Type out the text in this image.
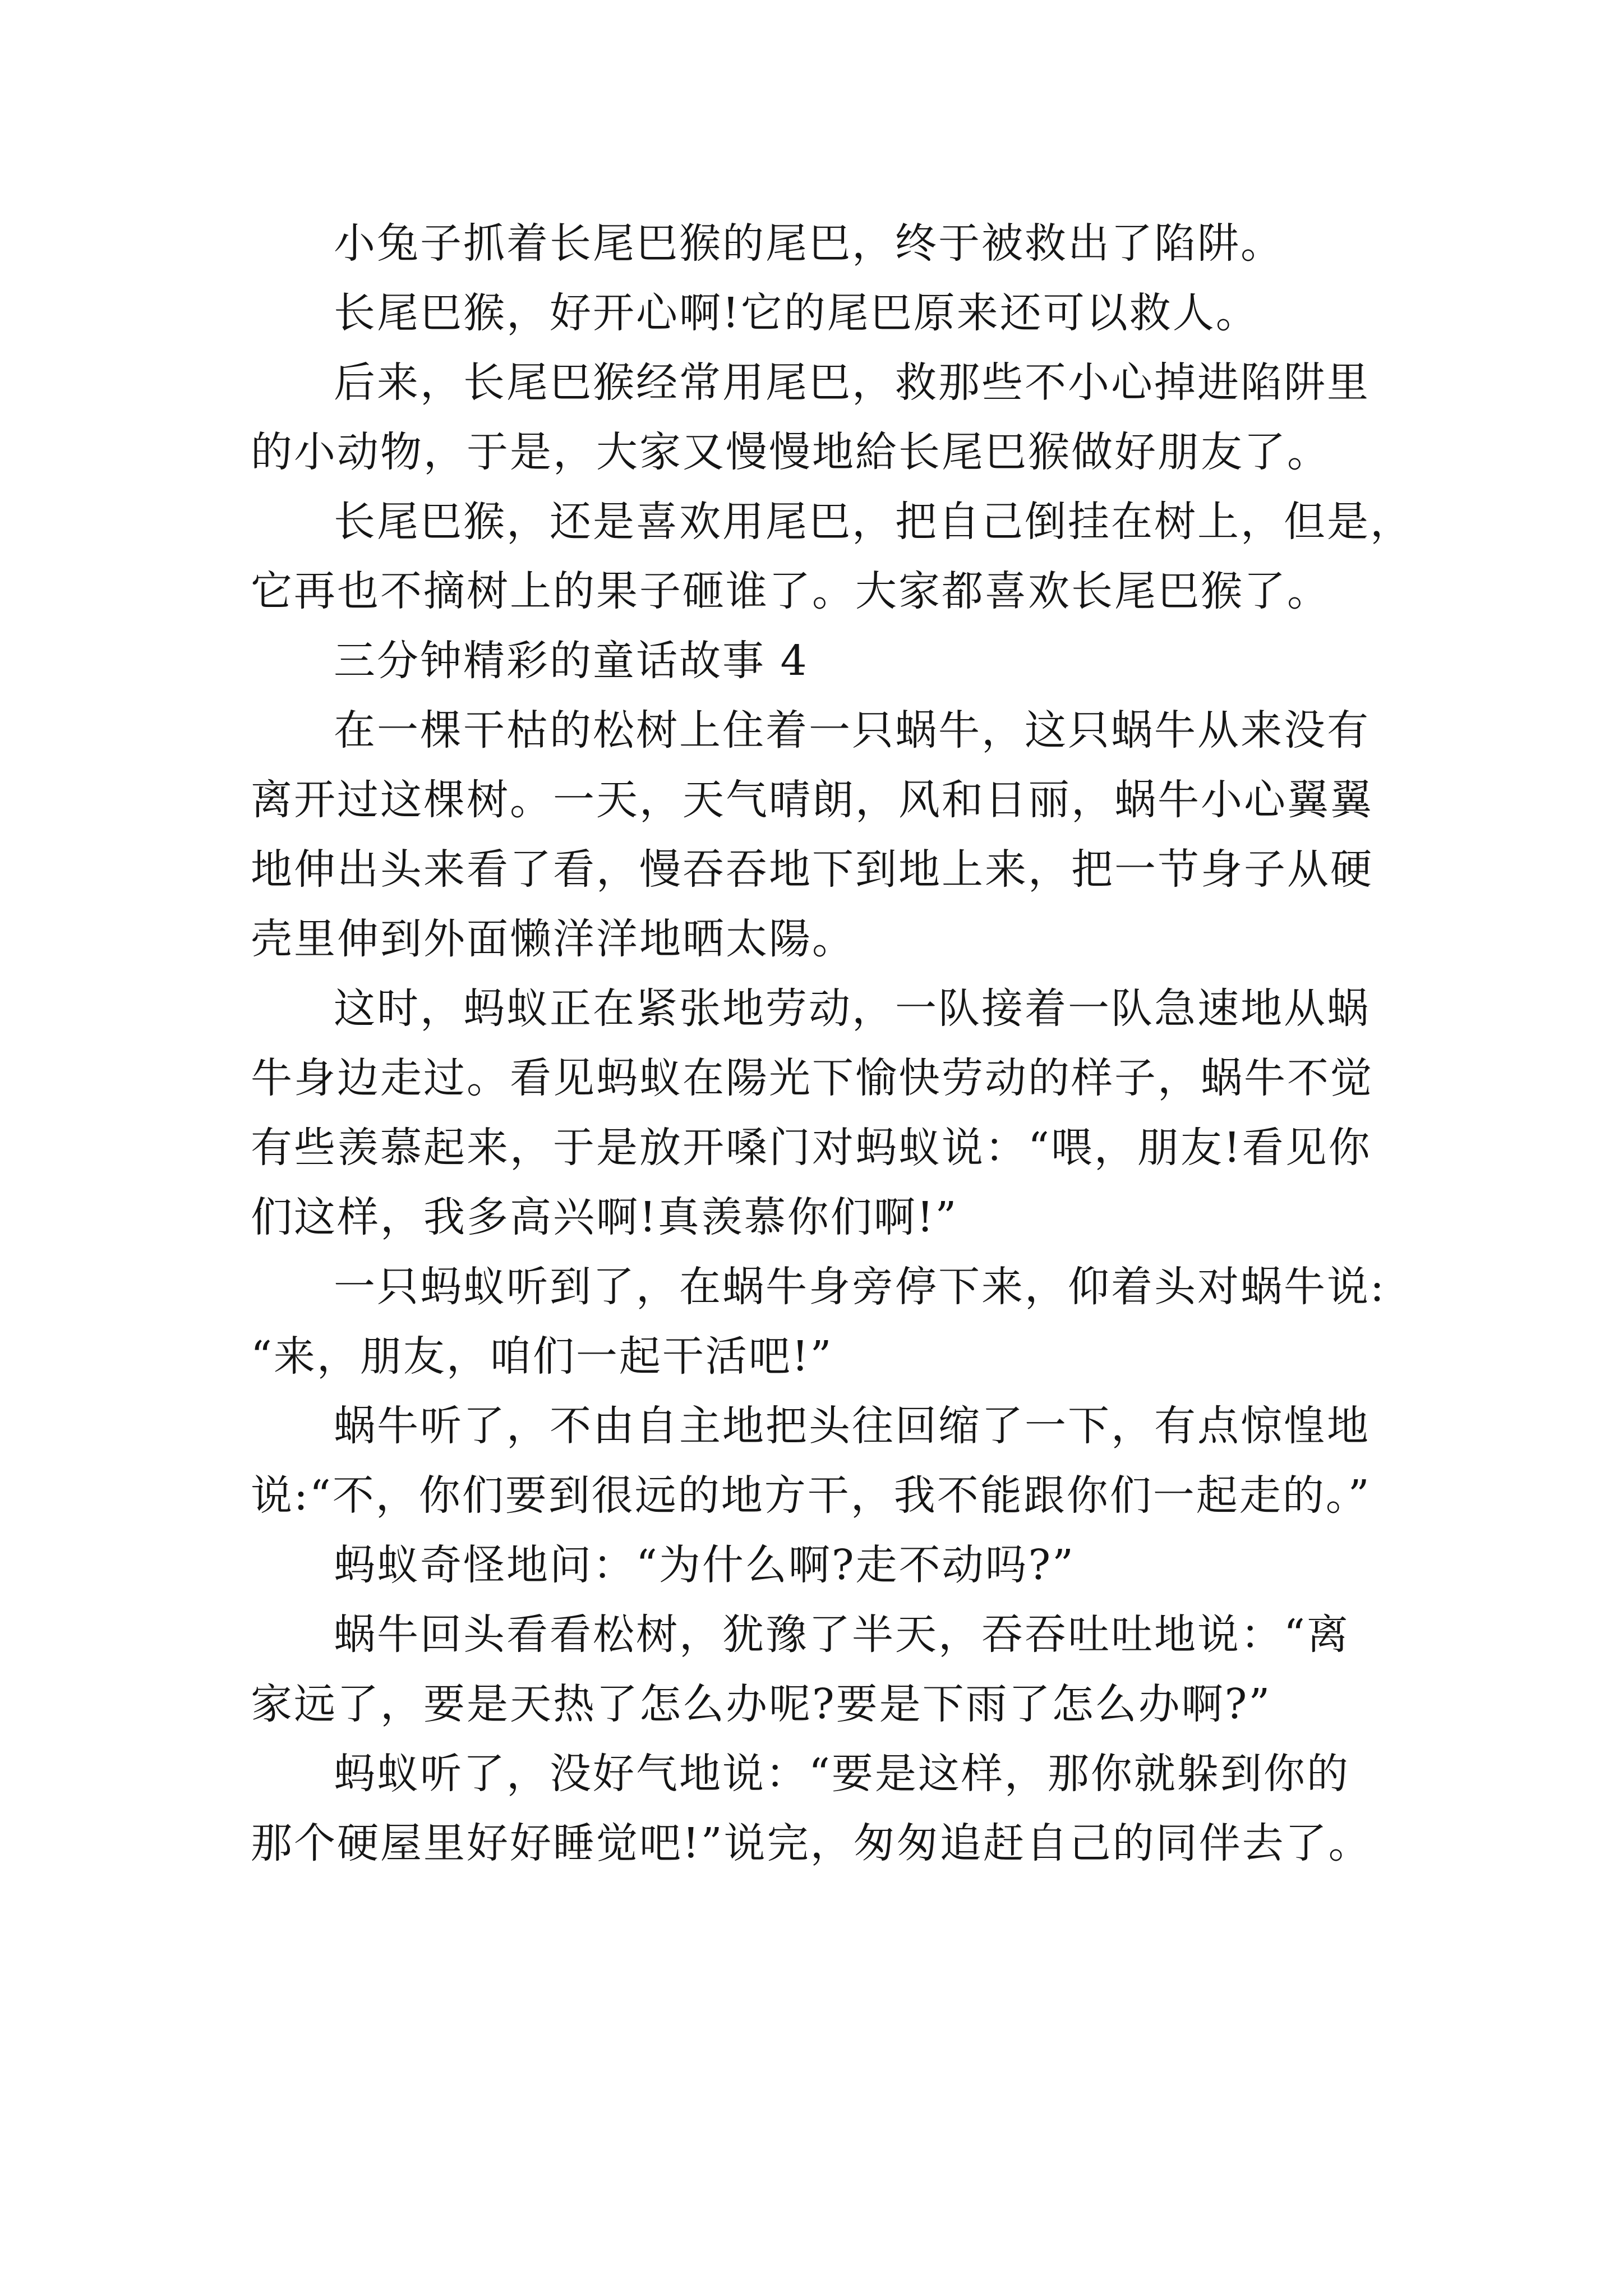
小兔子抓着长尾巴猴的尾巴，终于被救出了陷阱。
长尾巴猴，好开心啊!它的尾巴原来还可以救人。
后来，长尾巴猴经常用尾巴，救那些不小心掉进陷阱里
的小动物，于是，大家又慢慢地給长尾巴猴做好朋友了。
长尾巴猴，还是喜欢用尾巴，把自己倒挂在树上，但是，
它再也不摘树上的果子砸谁了。大家都喜欢长尾巴猴了。
三分钟精彩的童话故事 4
在一棵干枯的松树上住着一只蜗牛，这只蜗牛从来没有
离开过这棵树。一天，天气晴朗，风和日丽，蜗牛小心翼翼
地伸出头来看了看，慢吞吞地下到地上来，把一节身子从硬
壳里伸到外面懒洋洋地晒太陽。
这时，蚂蚁正在紧张地劳动，一队接着一队急速地从蜗
牛身边走过。看见蚂蚁在陽光下愉快劳动的样子，蜗牛不觉
有些羡慕起来，于是放开嗓门对蚂蚁说：“喂，朋友!看见你
们这样，我多高兴啊!真羡慕你们啊!”
一只蚂蚁听到了，在蜗牛身旁停下来，仰着头对蜗牛说:
“来，朋友，咱们一起干活吧!”
蜗牛听了，不由自主地把头往回缩了一下，有点惊惶地
说:“不，你们要到很远的地方干，我不能跟你们一起走的。”
蚂蚁奇怪地问：“为什么啊?走不动吗?”
蜗牛回头看看松树，犹豫了半天，吞吞吐吐地说：“离
家远了，要是天热了怎么办呢?要是下雨了怎么办啊?”
蚂蚁听了，没好气地说：“要是这样，那你就躲到你的
那个硬屋里好好睡觉吧!”说完，匆匆追赶自己的同伴去了。
